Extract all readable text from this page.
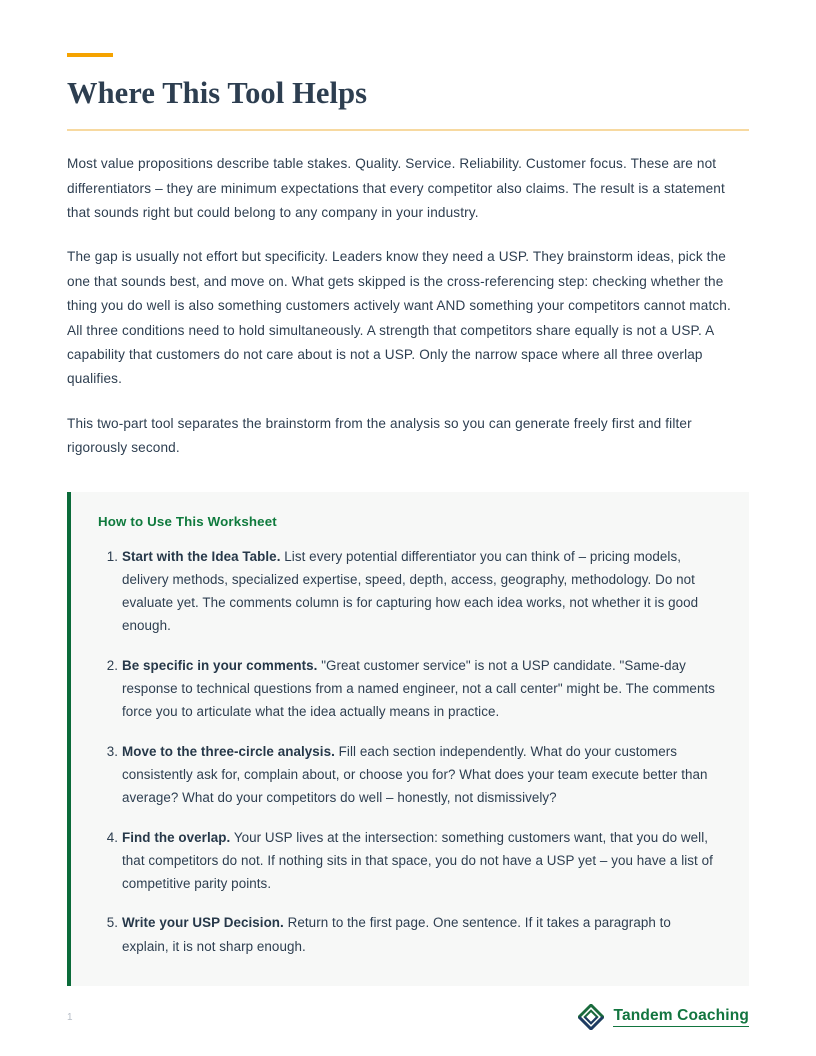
Where This Tool Helps

Most value propositions describe table stakes. Quality. Service. Reliability. Customer focus. These are not differentiators – they are minimum expectations that every competitor also claims. The result is a statement that sounds right but could belong to any company in your industry.

The gap is usually not effort but specificity. Leaders know they need a USP. They brainstorm ideas, pick the one that sounds best, and move on. What gets skipped is the cross-referencing step: checking whether the thing you do well is also something customers actively want AND something your competitors cannot match. All three conditions need to hold simultaneously. A strength that competitors share equally is not a USP. A capability that customers do not care about is not a USP. Only the narrow space where all three overlap qualifies.

This two-part tool separates the brainstorm from the analysis so you can generate freely first and filter rigorously second.

How to Use This Worksheet

Start with the Idea Table. List every potential differentiator you can think of – pricing models, delivery methods, specialized expertise, speed, depth, access, geography, methodology. Do not evaluate yet. The comments column is for capturing how each idea works, not whether it is good enough.
Be specific in your comments. "Great customer service" is not a USP candidate. "Same-day response to technical questions from a named engineer, not a call center" might be. The comments force you to articulate what the idea actually means in practice.
Move to the three-circle analysis. Fill each section independently. What do your customers consistently ask for, complain about, or choose you for? What does your team execute better than average? What do your competitors do well – honestly, not dismissively?
Find the overlap. Your USP lives at the intersection: something customers want, that you do well, that competitors do not. If nothing sits in that space, you do not have a USP yet – you have a list of competitive parity points.
Write your USP Decision. Return to the first page. One sentence. If it takes a paragraph to explain, it is not sharp enough.
1	Tandem Coaching
